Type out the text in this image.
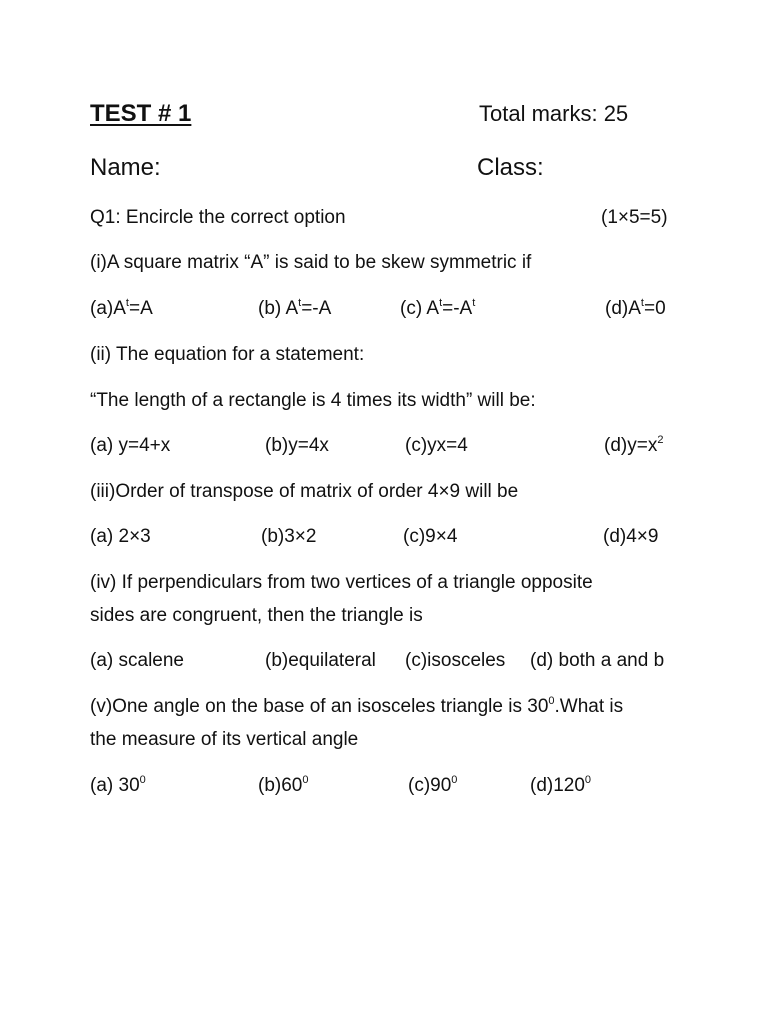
TEST # 1	Total marks: 25
Name:	Class:
Q1: Encircle the correct option	(1×5=5)
(i)A square matrix “A” is said to be skew symmetric if
$(a)A^t=A$	(b) $A^t=-A$	(c) $A^t=-A^t$	$(d)A^t=0$
(ii) The equation for a statement:
“The length of a rectangle is 4 times its width” will be:
(a) y=4+x	(b)y=4x	(c)yx=4	$(d)y=x^2$
(iii)Order of transpose of matrix of order 4×9 will be
(a) 2×3	(b)3×2	(c)9×4	(d)4×9
(iv) If perpendiculars from two vertices of a triangle opposite
sides are congruent, then the triangle is
(a) scalene	(b)equilateral (c)isosceles (d) both a and b
(v)One angle on the base of an isosceles triangle is $30^0.What$ is
the measure of its vertical angle
(a) $30^0$	$(b)60^0$	$(c)90^0$	$(d)120^0$
